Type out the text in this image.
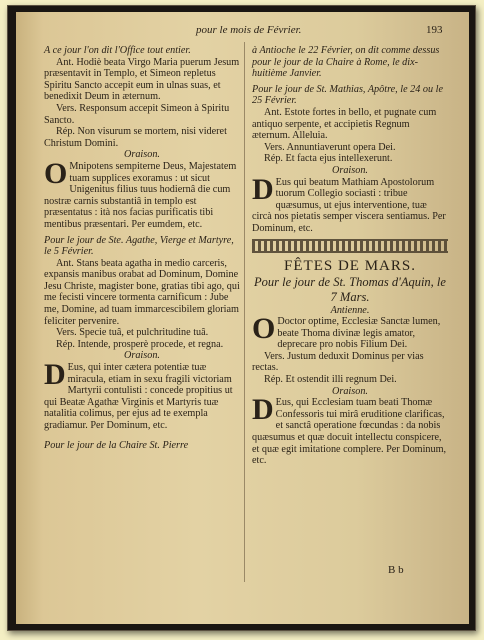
pour le mois de Février.	193

A ce jour l'on dit l'Office tout entier.

Ant. Hodiè beata Virgo Maria puerum Jesum præsentavit in Templo, et Simeon repletus Spiritu Sancto accepit eum in ulnas suas, et benedixit Deum in æternum.

Vers. Responsum accepit Simeon à Spiritu Sancto.

Rép. Non visurum se mortem, nisi videret Christum Domini.

Oraison.

O Mnipotens sempiterne Deus, Majestatem tuam supplices exoramus : ut sicut Unigenitus filius tuus hodiernâ die cum nostræ carnis substantiâ in templo est præsentatus : ità nos facias purificatis tibi mentibus præsentari. Per eumdem, etc.

Pour le jour de Ste. Agathe, Vierge et Martyre, le 5 Février.

Ant. Stans beata agatha in medio carceris, expansis manibus orabat ad Dominum, Domine Jesu Christe, magister bone, gratias tibi ago, qui me fecisti vincere tormenta carnificum : Jube me, Domine, ad tuam immarcescibilem gloriam feliciter pervenire.

Vers. Specie tuâ, et pulchritudine tuâ.

Rép. Intende, prosperè procede, et regna.

Oraison.

D Eus, qui inter cætera potentiæ tuæ miracula, etiam in sexu fragili victoriam Martyrii contulisti : concede propitius ut qui Beatæ Agathæ Virginis et Martyris tuæ natalitia colimus, per ejus ad te exempla gradiamur. Per Dominum, etc.

Pour le jour de la Chaire St. Pierre

à Antioche le 22 Février, on dit comme dessus pour le jour de la Chaire à Rome, le dix-huitième Janvier.

Pour le jour de St. Mathias, Apôtre, le 24 ou le 25 Février.

Ant. Estote fortes in bello, et pugnate cum antiquo serpente, et accipietis Regnum æternum. Alleluia.

Vers. Annuntiaverunt opera Dei.

Rép. Et facta ejus intellexerunt.

Oraison.

D Eus qui beatum Mathiam Apostolorum tuorum Collegio sociasti : tribue quæsumus, ut ejus interventione, tuæ circà nos pietatis semper viscera sentiamus. Per Dominum, etc.

FÊTES DE MARS.

Pour le jour de St. Thomas d'Aquin, le 7 Mars.

Antienne.

O Doctor optime, Ecclesiæ Sanctæ lumen, beate Thoma divinæ legis amator, deprecare pro nobis Filium Dei.

Vers. Justum deduxit Dominus per vias rectas.

Rép. Et ostendit illi regnum Dei.

Oraison.

D Eus, qui Ecclesiam tuam beati Thomæ Confessoris tui mirâ eruditione clarificas, et sanctâ operatione fœcundas : da nobis quæsumus et quæ docuit intellectu conspicere, et quæ egit imitatione complere. Per Dominum, etc.

B b
